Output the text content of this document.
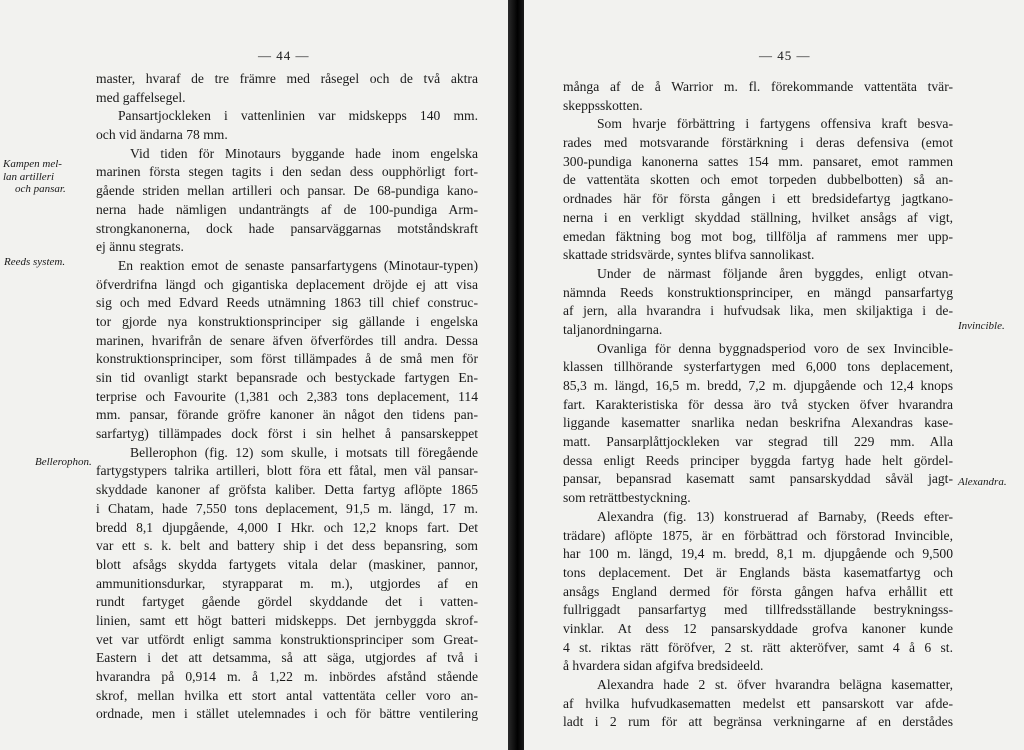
— 44 —

Kampen mel-
lan artilleri
och pansar.

Reeds system.

Bellerophon.

master, hvaraf de tre främre med råsegel och de två aktra
med gaffelsegel.
Pansartjockleken i vattenlinien var midskepps 140 mm.
och vid ändarna 78 mm.
Vid tiden för Minotaurs byggande hade inom engelska
marinen första stegen tagits i den sedan dess oupphörligt fort-
gående striden mellan artilleri och pansar. De 68-pundiga kano-
nerna hade nämligen undanträngts af de 100-pundiga Arm-
strongkanonerna, dock hade pansarväggarnas motståndskraft
ej ännu stegrats.
En reaktion emot de senaste pansarfartygens (Minotaur-typen)
öfverdrifna längd och gigantiska deplacement dröjde ej att visa
sig och med Edvard Reeds utnämning 1863 till chief construc-
tor gjorde nya konstruktionsprinciper sig gällande i engelska
marinen, hvarifrån de senare äfven öfverfördes till andra. Dessa
konstruktionsprinciper, som först tillämpades å de små men för
sin tid ovanligt starkt bepansrade och bestyckade fartygen En-
terprise och Favourite (1,381 och 2,383 tons deplacement, 114
mm. pansar, förande gröfre kanoner än något den tidens pan-
sarfartyg) tillämpades dock först i sin helhet å pansarskeppet
Bellerophon (fig. 12) som skulle, i motsats till föregående
fartygstypers talrika artilleri, blott föra ett fåtal, men väl pansar-
skyddade kanoner af gröfsta kaliber. Detta fartyg aflöpte 1865
i Chatam, hade 7,550 tons deplacement, 91,5 m. längd, 17 m.
bredd 8,1 djupgående, 4,000 I Hkr. och 12,2 knops fart. Det
var ett s. k. belt and battery ship i det dess bepansring, som
blott afsågs skydda fartygets vitala delar (maskiner, pannor,
ammunitionsdurkar, styrapparat m. m.), utgjordes af en
rundt fartyget gående gördel skyddande det i vatten-
linien, samt ett högt batteri midskepps. Det jernbyggda skrof-
vet var utfördt enligt samma konstruktionsprinciper som Great-
Eastern i det att detsamma, så att säga, utgjordes af två i
hvarandra på 0,914 m. å 1,22 m. inbördes afstånd stående
skrof, mellan hvilka ett stort antal vattentäta celler voro an-
ordnade, men i stället utelemnades i och för bättre ventilering
— 45 —

Invincible.

Alexandra.

många af de å Warrior m. fl. förekommande vattentäta tvär-
skeppsskotten.
Som hvarje förbättring i fartygens offensiva kraft besva-
rades med motsvarande förstärkning i deras defensiva (emot
300-pundiga kanonerna sattes 154 mm. pansaret, emot rammen
de vattentäta skotten och emot torpeden dubbelbotten) så an-
ordnades här för första gången i ett bredsidefartyg jagtkano-
nerna i en verkligt skyddad ställning, hvilket ansågs af vigt,
emedan fäktning bog mot bog, tillfölja af rammens mer upp-
skattade stridsvärde, syntes blifva sannolikast.
Under de närmast följande åren byggdes, enligt otvan-
nämnda Reeds konstruktionsprinciper, en mängd pansarfartyg
af jern, alla hvarandra i hufvudsak lika, men skiljaktiga i de-
taljanordningarna.
Ovanliga för denna byggnadsperiod voro de sex Invincible-
klassen tillhörande systerfartygen med 6,000 tons deplacement,
85,3 m. längd, 16,5 m. bredd, 7,2 m. djupgående och 12,4 knops
fart. Karakteristiska för dessa äro två stycken öfver hvarandra
liggande kasematter snarlika nedan beskrifna Alexandras kase-
matt. Pansarplåttjockleken var stegrad till 229 mm. Alla
dessa enligt Reeds principer byggda fartyg hade helt gördel-
pansar, bepansrad kasematt samt pansarskyddad såväl jagt-
som reträttbestyckning.
Alexandra (fig. 13) konstruerad af Barnaby, (Reeds efter-
trädare) aflöpte 1875, är en förbättrad och förstorad Invincible,
har 100 m. längd, 19,4 m. bredd, 8,1 m. djupgående och 9,500
tons deplacement. Det är Englands bästa kasematfartyg och
ansågs England dermed för första gången hafva erhållit ett
fullriggadt pansarfartyg med tillfredsställande bestrykningss-
vinklar. At dess 12 pansarskyddade grofva kanoner kunde
4 st. riktas rätt föröfver, 2 st. rätt akteröfver, samt 4 å 6 st.
å hvardera sidan afgifva bredsideeld.
Alexandra hade 2 st. öfver hvarandra belägna kasematter,
af hvilka hufvudkasematten medelst ett pansarskott var afde-
ladt i 2 rum för att begränsa verkningarne af en derstådes
